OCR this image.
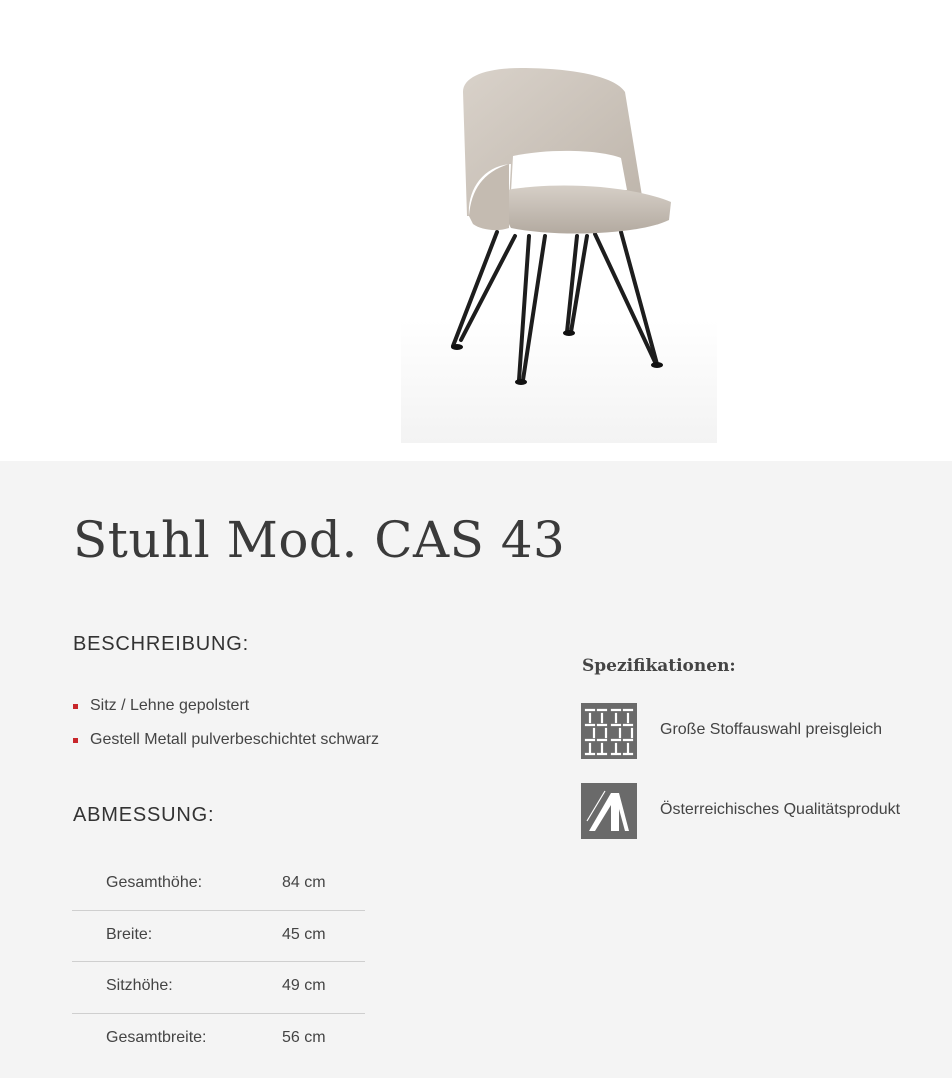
Stuhl Mod. CAS 43
BESCHREIBUNG:
Sitz / Lehne gepolstert
Gestell Metall pulverbeschichtet schwarz
ABMESSUNG:
Gesamthöhe:	84 cm
Breite:	45 cm
Sitzhöhe:	49 cm
Gesamtbreite:	56 cm
Spezifikationen:
Große Stoffauswahl preisgleich
Österreichisches Qualitätsprodukt
